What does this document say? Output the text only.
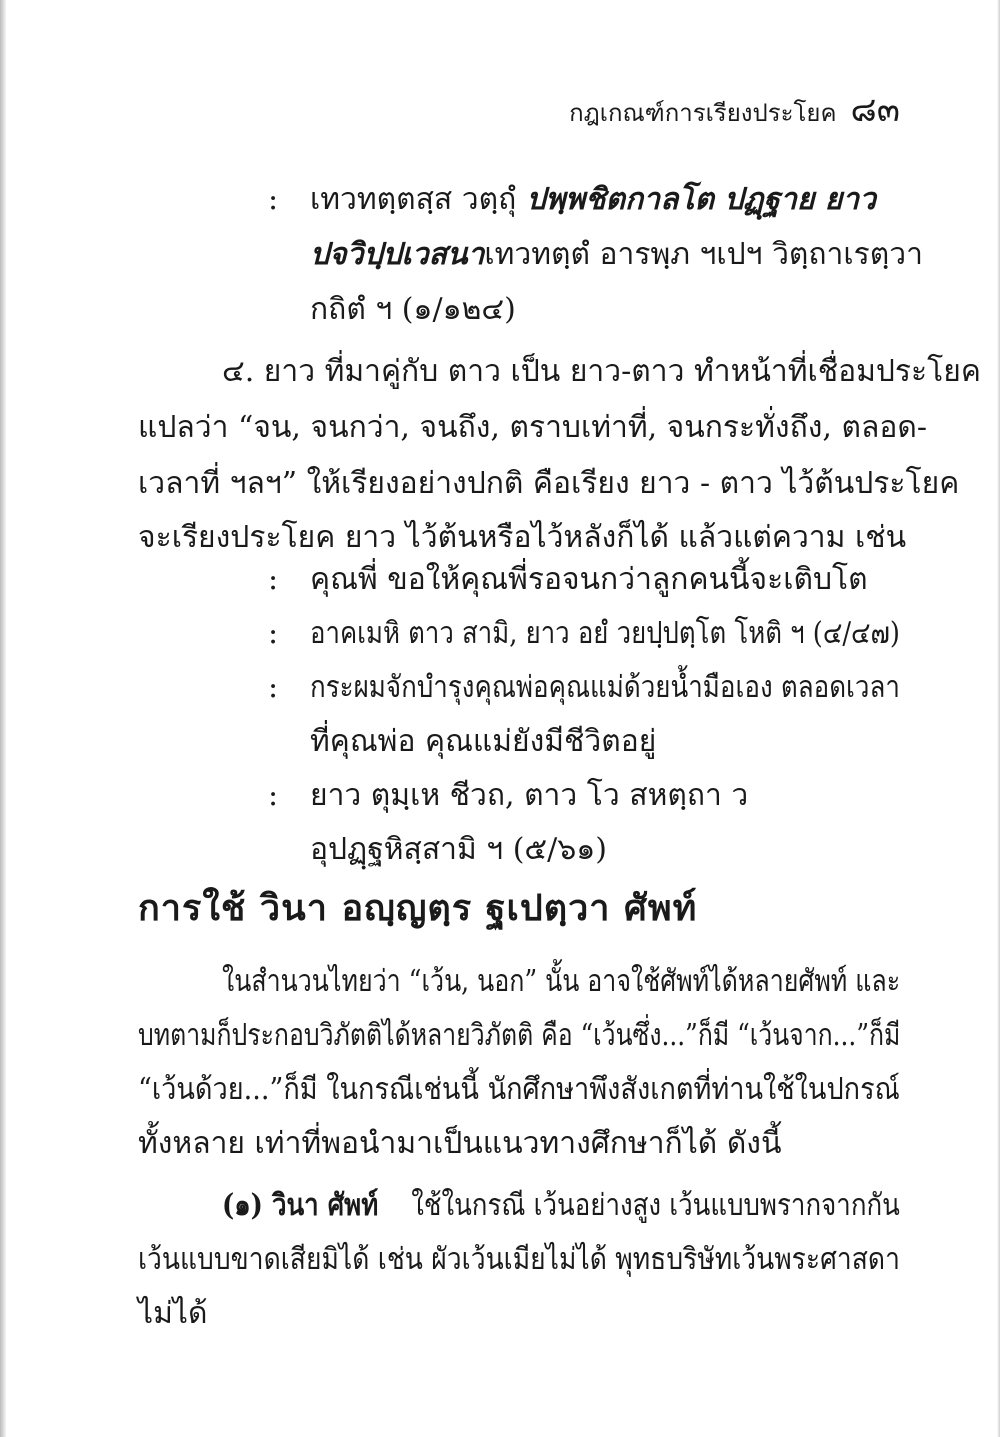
กฎเกณฑ์การเรียงประโยค ๘๓
: เทวทตฺตสฺส วตฺถุํ ปพฺพชิตกาลโต ปฏฺฐาย ยาว
ปจวิปฺปเวสนา เทวทตฺตํ อารพฺภ ฯเปฯ วิตฺถาเรตฺวา
กถิตํ ฯ (๑/๑๒๔)
๔. ยาว ที่มาคู่กับ ตาว เป็น ยาว-ตาว ทำหน้าที่เชื่อมประโยค
แปลว่า “จน, จนกว่า, จนถึง, ตราบเท่าที่, จนกระทั่งถึง, ตลอด-
เวลาที่ ฯลฯ” ให้เรียงอย่างปกติ คือเรียง ยาว - ตาว ไว้ต้นประโยค
จะเรียงประโยค ยาว ไว้ต้นหรือไว้หลังก็ได้ แล้วแต่ความ เช่น
: คุณพี่ ขอให้คุณพี่รอจนกว่าลูกคนนี้จะเติบโต
: อาคเมหิ ตาว สามิ, ยาว อยํ วยปฺปตฺโต โหติ ฯ (๔/๔๗)
: กระผมจักบำรุงคุณพ่อคุณแม่ด้วยน้ำมือเอง ตลอดเวลา
ที่คุณพ่อ คุณแม่ยังมีชีวิตอยู่
: ยาว ตุมฺเห ชีวถ, ตาว โว สหตฺถา ว
อุปฏฺฐหิสฺสามิ ฯ (๕/๖๑)
การใช้ วินา อญฺญตฺร ฐเปตฺวา ศัพท์
ในสำนวนไทยว่า “เว้น, นอก” นั้น อาจใช้ศัพท์ได้หลายศัพท์ และ
บทตามก็ประกอบวิภัตติได้หลายวิภัตติ คือ “เว้นซึ่ง...”ก็มี “เว้นจาก...”ก็มี
“เว้นด้วย...”ก็มี ในกรณีเช่นนี้ นักศึกษาพึงสังเกตที่ท่านใช้ในปกรณ์
ทั้งหลาย เท่าที่พอนำมาเป็นแนวทางศึกษาก็ได้ ดังนี้
(๑) วินา ศัพท์ ใช้ในกรณี เว้นอย่างสูง เว้นแบบพรากจากกัน
เว้นแบบขาดเสียมิได้ เช่น ผัวเว้นเมียไม่ได้ พุทธบริษัทเว้นพระศาสดา
ไม่ได้
